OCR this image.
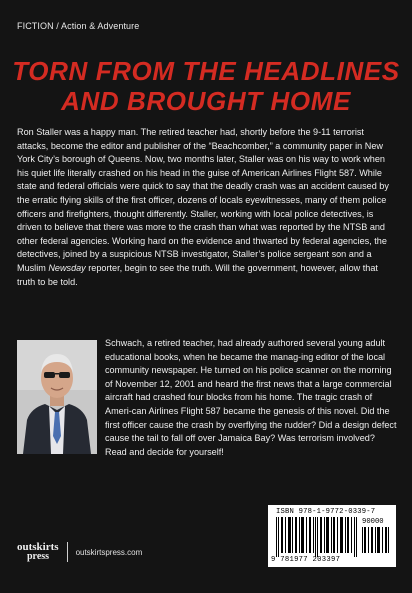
FICTION / Action & Adventure
TORN FROM THE HEADLINES
AND BROUGHT HOME
Ron Staller was a happy man. The retired teacher had, shortly before the 9-11 terrorist attacks, become the editor and publisher of the “Beachcomber,” a community paper in New York City’s borough of Queens. Now, two months later, Staller was on his way to work when his quiet life literally crashed on his head in the guise of American Airlines Flight 587. While state and federal officials were quick to say that the deadly crash was an accident caused by the erratic flying skills of the first officer, dozens of locals eyewitnesses, many of them police officers and firefighters, thought differently. Staller, working with local police detectives, is driven to believe that there was more to the crash than what was reported by the NTSB and other federal agencies. Working hard on the evidence and thwarted by federal agencies, the detectives, joined by a suspicious NTSB investigator, Staller’s police sergeant son and a Muslim Newsday reporter, begin to see the truth. Will the government, however, allow that truth to be told.
Schwach, a retired teacher, had already authored several young adult educational books, when he became the manag-ing editor of the local community newspaper. He turned on his police scanner on the morning of November 12, 2001 and heard the first news that a large commercial aircraft had crashed four blocks from his home. The tragic crash of Ameri-can Airlines Flight 587 became the genesis of this novel. Did the first officer cause the crash by overflying the rudder? Did a design defect cause the tail to fall off over Jamaica Bay? Was terrorism involved? Read and decide for yourself!
outskirts
press	outskirtspress.com
ISBN 978-1-9772-0339-7
90000
9 781977 203397
